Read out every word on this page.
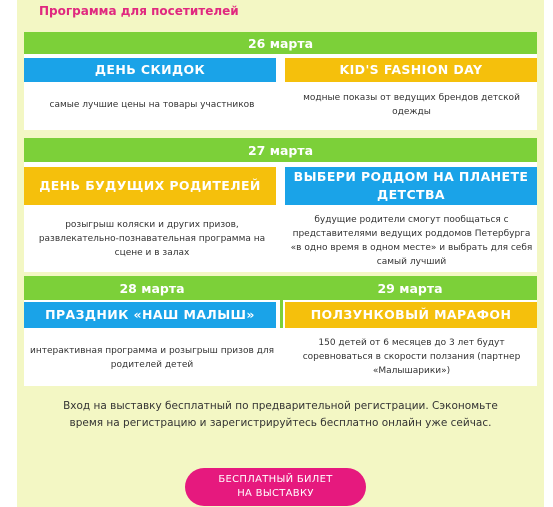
Программа для посетителей
26 марта
ДЕНЬ СКИДОК	KID'S FASHION DAY
самые лучшие цены на товары участников
модные показы от ведущих брендов детской одежды
27 марта
ДЕНЬ БУДУЩИХ РОДИТЕЛЕЙ
ВЫБЕРИ РОДДОМ НА ПЛАНЕТЕ ДЕТСТВА
розыгрыш коляски и других призов, развлекательно-познавательная программа на сцене и в залах
будущие родители смогут пообщаться с представителями ведущих роддомов Петербурга «в одно время в одном месте» и выбрать для себя самый лучший
28 марта	29 марта
ПРАЗДНИК «НАШ МАЛЫШ»	ПОЛЗУНКОВЫЙ МАРАФОН
интерактивная программа и розыгрыш призов для родителей детей
150 детей от 6 месяцев до 3 лет будут соревноваться в скорости ползания (партнер «Малышарики»)
Вход на выставку бесплатный по предварительной регистрации. Сэкономьте время на регистрацию и зарегистрируйтесь бесплатно онлайн уже сейчас.
БЕСПЛАТНЫЙ БИЛЕТ
НА ВЫСТАВКУ
